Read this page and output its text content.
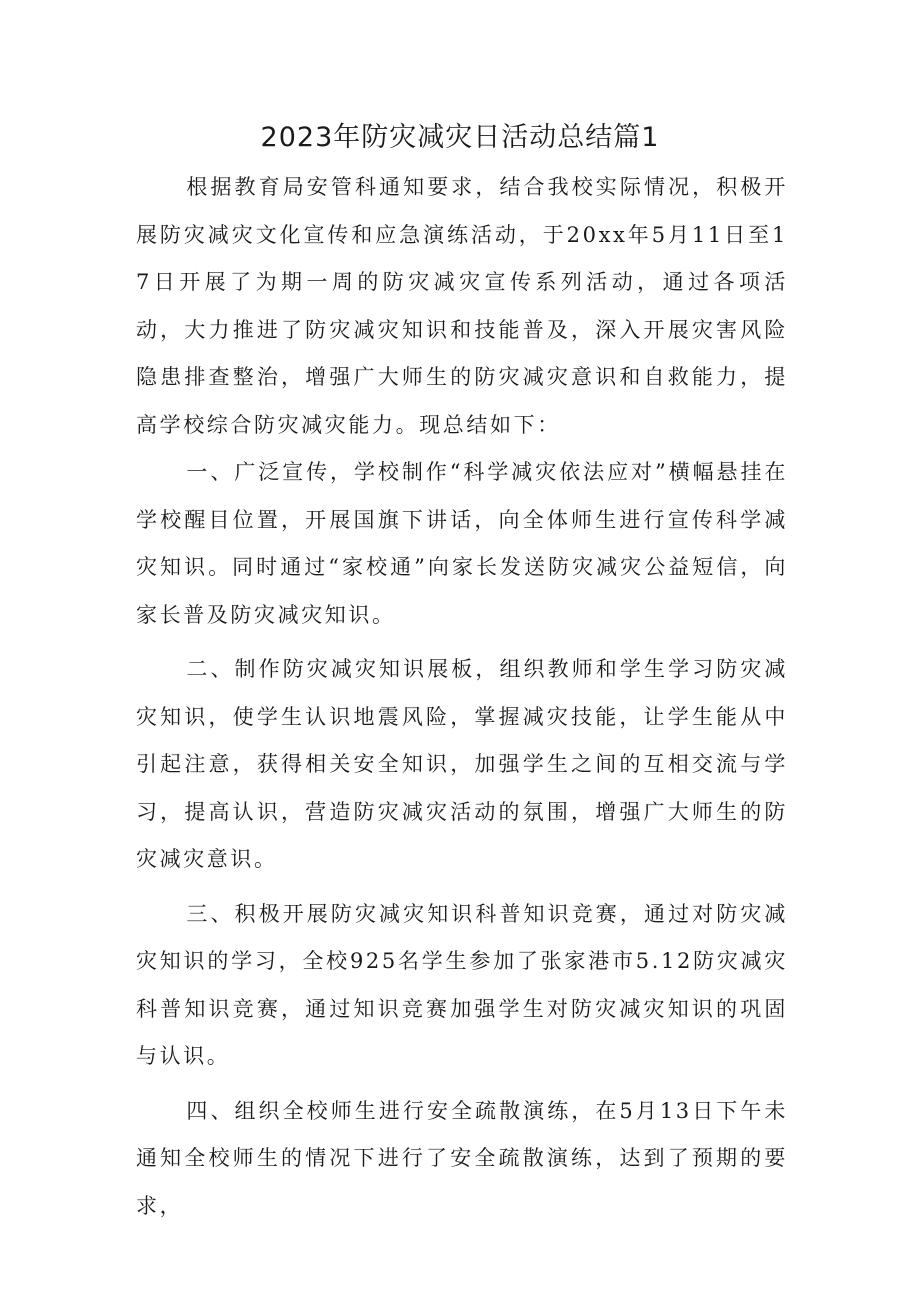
2023年防灾减灾日活动总结篇1

根据教育局安管科通知要求，结合我校实际情况，积极开展防灾减灾文化宣传和应急演练活动，于20xx年5月11日至17日开展了为期一周的防灾减灾宣传系列活动，通过各项活动，大力推进了防灾减灾知识和技能普及，深入开展灾害风险隐患排查整治，增强广大师生的防灾减灾意识和自救能力，提高学校综合防灾减灾能力。现总结如下：

一、广泛宣传，学校制作“科学减灾依法应对”横幅悬挂在学校醒目位置，开展国旗下讲话，向全体师生进行宣传科学减灾知识。同时通过“家校通”向家长发送防灾减灾公益短信，向家长普及防灾减灾知识。

二、制作防灾减灾知识展板，组织教师和学生学习防灾减灾知识，使学生认识地震风险，掌握减灾技能，让学生能从中引起注意，获得相关安全知识，加强学生之间的互相交流与学习，提高认识，营造防灾减灾活动的氛围，增强广大师生的防灾减灾意识。

三、积极开展防灾减灾知识科普知识竞赛，通过对防灾减灾知识的学习，全校925名学生参加了张家港市5.12防灾减灾科普知识竞赛，通过知识竞赛加强学生对防灾减灾知识的巩固与认识。

四、组织全校师生进行安全疏散演练，在5月13日下午未通知全校师生的情况下进行了安全疏散演练，达到了预期的要求，
